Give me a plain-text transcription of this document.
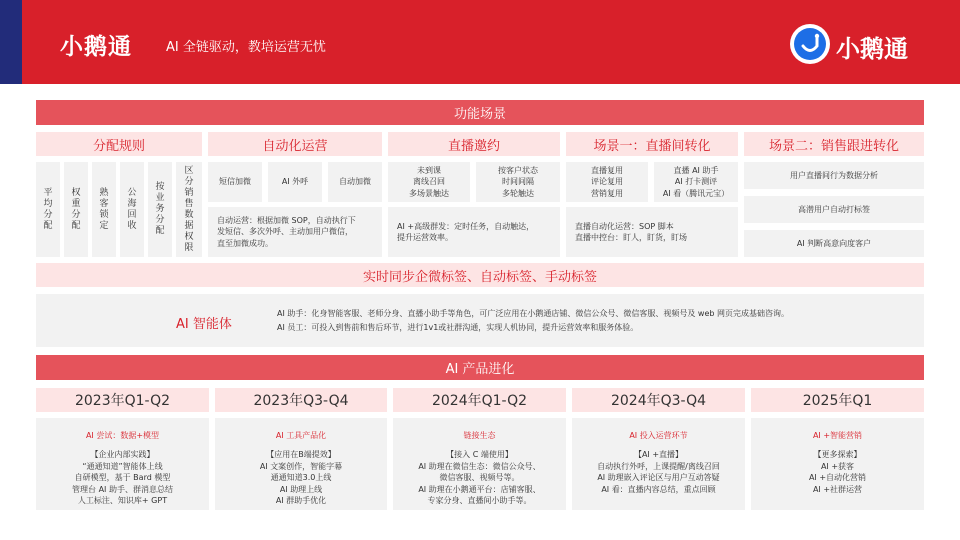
小鹅通	AI 全链驱动，教培运营无忧	小鹅通
功能场景
分配规则	自动化运营	直播邀约	场景一：直播间转化	场景二：销售跟进转化
平均分配
权重分配
熟客锁定
公海回收
按业务分配
区分销售数据权限
短信加微	AI 外呼	自动加微
自动运营：根据加微 SOP，自动执行下
发短信、多次外呼、主动加用户微信，
直至加微成功。
未到课
离线召回
多场景触达
按客户状态
时间间隔
多轮触达
AI +高级群发：定时任务，自动触达，
提升运营效率。
直播复用
评论复用
营销复用
直播 AI 助手
AI 打卡测评
AI 看（腾讯元宝）
直播自动化运营：SOP 脚本
直播中控台：盯人，盯货，盯场
用户直播间行为数据分析
高潜用户自动打标签
AI 判断高意向度客户
实时同步企微标签、自动标签、手动标签
AI 智能体
AI 助手：化身智能客服、老师分身、直播小助手等角色，可广泛应用在小鹅通店铺、微信公众号、微信客服、视频号及 web 网页完成基础咨询。
AI 员工：可投入到售前和售后环节，进行1v1或社群沟通，实现人机协同，提升运营效率和服务体验。
AI 产品进化
2023年Q1-Q2	2023年Q3-Q4	2024年Q1-Q2	2024年Q3-Q4	2025年Q1
AI 尝试：数据+模型
【企业内部实践】
“通通知道”智能体上线
自研模型，基于 Bard 模型
管理台 AI 助手、群消息总结
人工标注、知识库+ GPT
AI 工具产品化
【应用在B端提效】
AI 文案创作，智能字幕
通通知道3.0上线
AI 助理上线
AI 群助手优化
链接生态
【接入 C 端使用】
AI 助理在微信生态：微信公众号、
微信客服、视频号等。
AI 助理在小鹅通平台：店铺客服、
专家分身、直播间小助手等。
AI 投入运营环节
【AI +直播】
自动执行外呼，上课提醒/离线召回
AI 助理嵌入评论区与用户互动答疑
AI 看：直播内容总结，重点回顾
AI +智能营销
【更多探索】
AI +获客
AI +自动化营销
AI +社群运营
